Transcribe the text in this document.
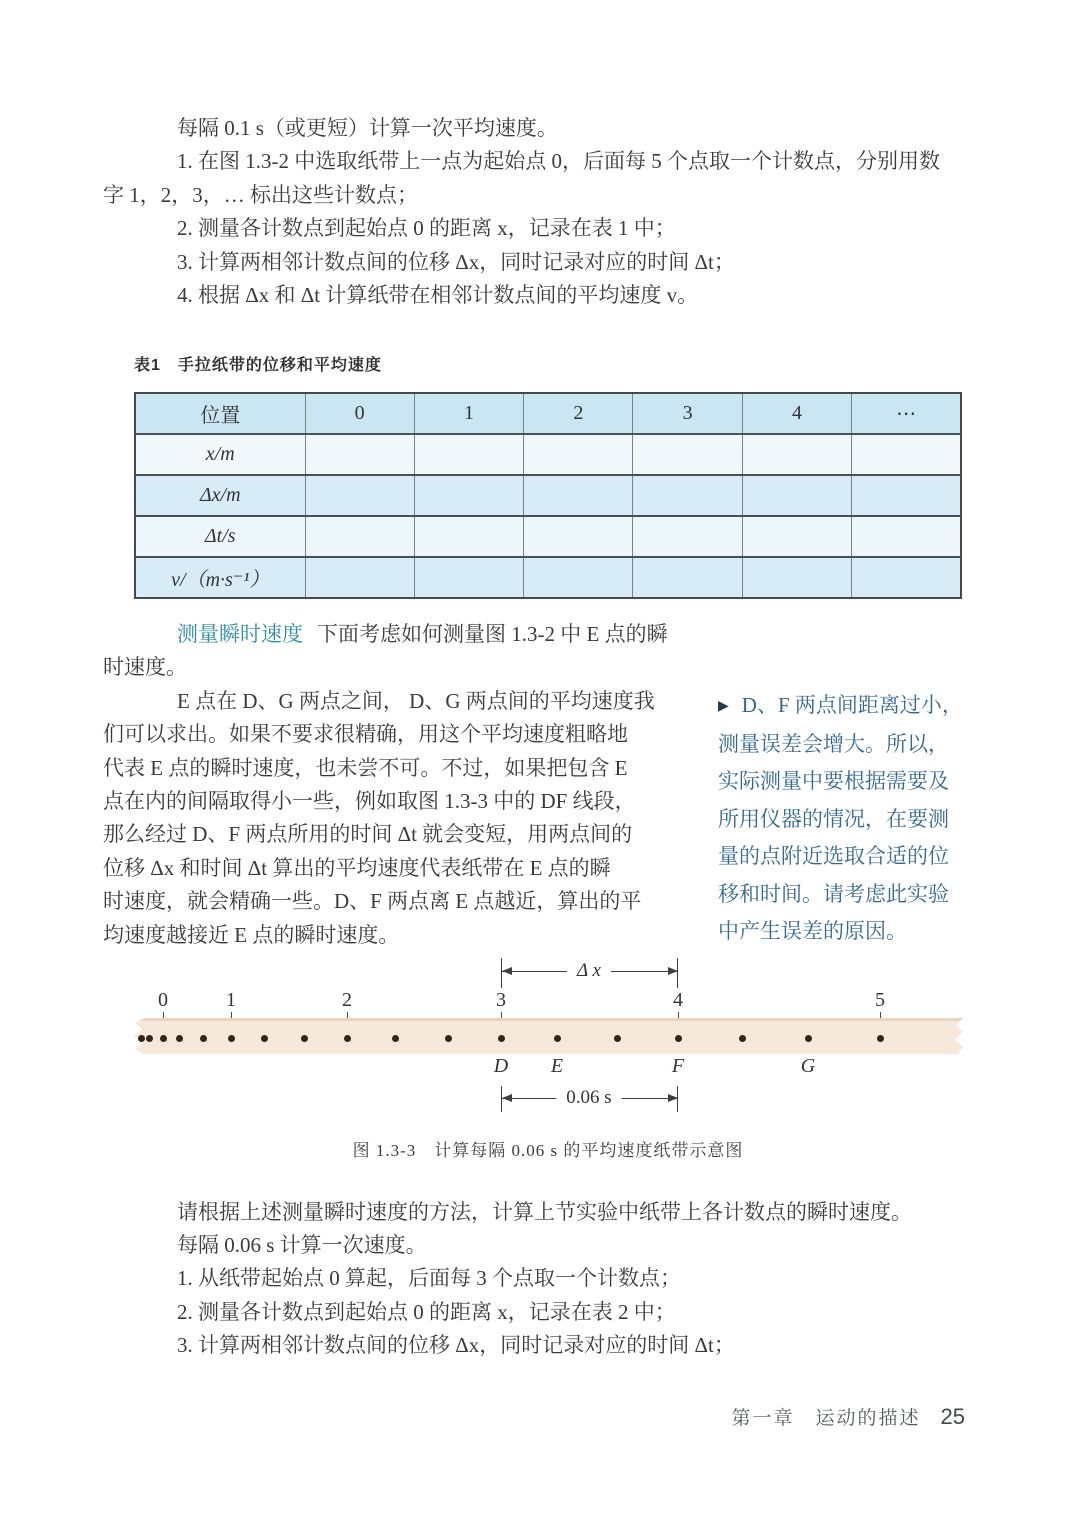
每隔 0.1 s（或更短）计算一次平均速度。
1. 在图 1.3-2 中选取纸带上一点为起始点 0，后面每 5 个点取一个计数点，分别用数
字 1，2，3，… 标出这些计数点；
2. 测量各计数点到起始点 0 的距离 x，记录在表 1 中；
3. 计算两相邻计数点间的位移 Δx，同时记录对应的时间 Δt；
4. 根据 Δx 和 Δt 计算纸带在相邻计数点间的平均速度 v。
表1　手拉纸带的位移和平均速度
位置	0	1	2	3	4	⋯
x/m						
Δx/m						
Δt/s						
v/（m·s⁻¹）						
测量瞬时速度 下面考虑如何测量图 1.3-2 中 E 点的瞬
时速度。
E 点在 D、G 两点之间， D、G 两点间的平均速度我
们可以求出。如果不要求很精确，用这个平均速度粗略地
代表 E 点的瞬时速度，也未尝不可。不过，如果把包含 E
点在内的间隔取得小一些，例如取图 1.3-3 中的 DF 线段，
那么经过 D、F 两点所用的时间 Δt 就会变短，用两点间的
位移 Δx 和时间 Δt 算出的平均速度代表纸带在 E 点的瞬
时速度，就会精确一些。D、F 两点离 E 点越近，算出的平
均速度越接近 E 点的瞬时速度。
▶ D、F 两点间距离过小，
测量误差会增大。所以，
实际测量中要根据需要及
所用仪器的情况，在要测
量的点附近选取合适的位
移和时间。请考虑此实验
中产生误差的原因。
Δ x
0	1	2	3	4	5
D E	F	G
0.06 s
图 1.3-3　计算每隔 0.06 s 的平均速度纸带示意图
请根据上述测量瞬时速度的方法，计算上节实验中纸带上各计数点的瞬时速度。
每隔 0.06 s 计算一次速度。
1. 从纸带起始点 0 算起，后面每 3 个点取一个计数点；
2. 测量各计数点到起始点 0 的距离 x，记录在表 2 中；
3. 计算两相邻计数点间的位移 Δx，同时记录对应的时间 Δt；
第一章　运动的描述 25
